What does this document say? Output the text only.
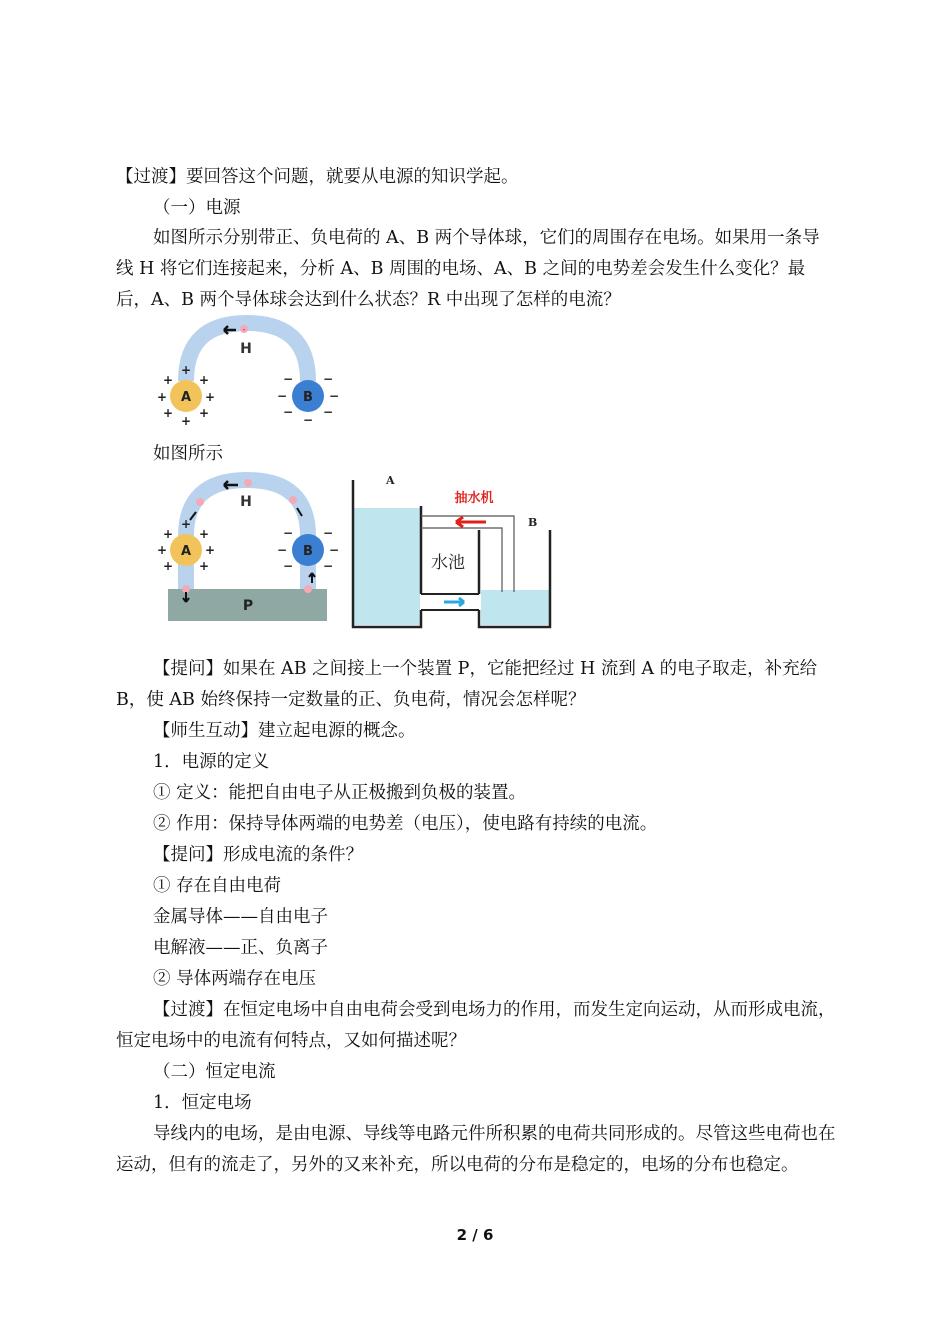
【过渡】要回答这个问题，就要从电源的知识学起。

（一）电源

如图所示分别带正、负电荷的 A、B 两个导体球，它们的周围存在电场。如果用一条导线 H 将它们连接起来，分析 A、B 周围的电场、A、B 之间的电势差会发生什么变化？最后，A、B 两个导体球会达到什么状态？R 中出现了怎样的电流？

-
H
A	B
+
+ +
+	+
+ +
+
− −
−	−
− −
−

如图所示

P
H
A	B
+
+ +
+	+
+ +
− −
−	−
− −
A
B
抽水机
水池

【提问】如果在 AB 之间接上一个装置 P，它能把经过 H 流到 A 的电子取走，补充给 B，使 AB 始终保持一定数量的正、负电荷，情况会怎样呢？

【师生互动】建立起电源的概念。

1．电源的定义

① 定义：能把自由电子从正极搬到负极的装置。

② 作用：保持导体两端的电势差（电压），使电路有持续的电流。

【提问】形成电流的条件？

① 存在自由电荷

金属导体——自由电子

电解液——正、负离子

② 导体两端存在电压

【过渡】在恒定电场中自由电荷会受到电场力的作用，而发生定向运动，从而形成电流，恒定电场中的电流有何特点，又如何描述呢？

（二）恒定电流

1．恒定电场

导线内的电场，是由电源、导线等电路元件所积累的电荷共同形成的。尽管这些电荷也在运动，但有的流走了，另外的又来补充，所以电荷的分布是稳定的，电场的分布也稳定。

2 / 6
